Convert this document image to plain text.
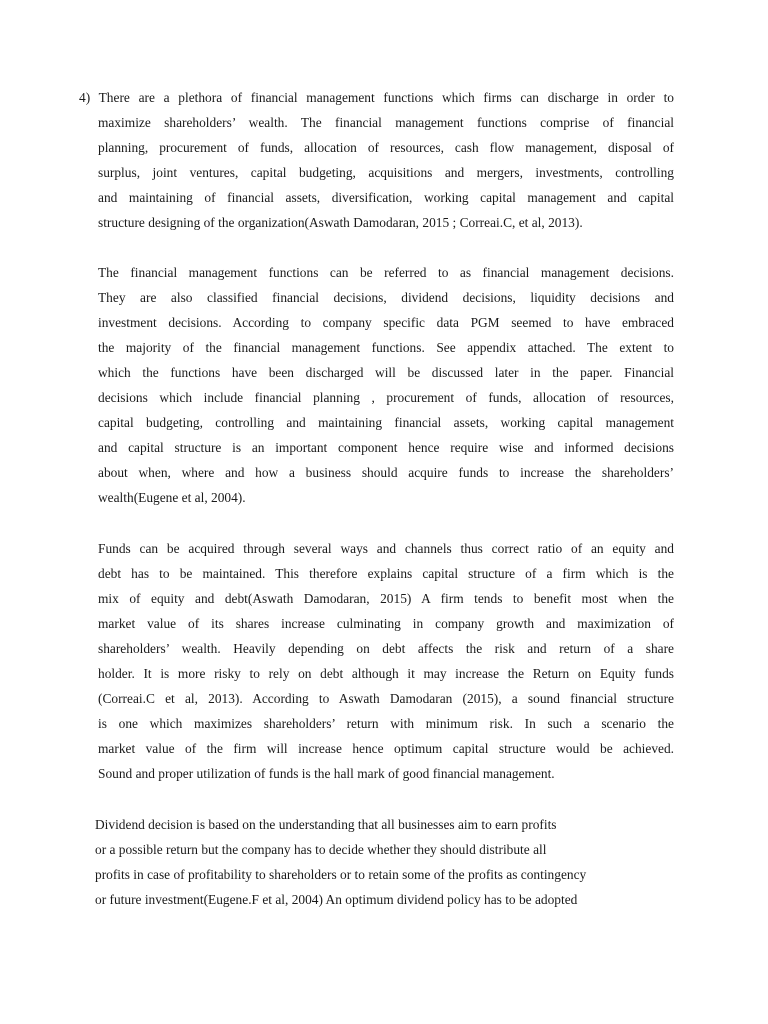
4) There are a plethora of financial management functions which firms can discharge in order to

maximize shareholders’ wealth. The financial management functions comprise of financial

planning, procurement of funds, allocation of resources, cash flow management, disposal of

surplus, joint ventures, capital budgeting, acquisitions and mergers, investments, controlling

and maintaining of financial assets, diversification, working capital management and capital

structure designing of the organization(Aswath Damodaran, 2015 ; Correai.C, et al, 2013).

The financial management functions can be referred to as financial management decisions.

They are also classified financial decisions, dividend decisions, liquidity decisions and

investment decisions. According to company specific data PGM seemed to have embraced

the majority of the financial management functions. See appendix attached. The extent to

which the functions have been discharged will be discussed later in the paper. Financial

decisions which include financial planning , procurement of funds, allocation of resources,

capital budgeting, controlling and maintaining financial assets, working capital management

and capital structure is an important component hence require wise and informed decisions

about when, where and how a business should acquire funds to increase the shareholders’

wealth(Eugene et al, 2004).

Funds can be acquired through several ways and channels thus correct ratio of an equity and

debt has to be maintained. This therefore explains capital structure of a firm which is the

mix of equity and debt(Aswath Damodaran, 2015) A firm tends to benefit most when the

market value of its shares increase culminating in company growth and maximization of

shareholders’ wealth. Heavily depending on debt affects the risk and return of a share

holder. It is more risky to rely on debt although it may increase the Return on Equity funds

(Correai.C et al, 2013). According to Aswath Damodaran (2015), a sound financial structure

is one which maximizes shareholders’ return with minimum risk. In such a scenario the

market value of the firm will increase hence optimum capital structure would be achieved.

Sound and proper utilization of funds is the hall mark of good financial management.

Dividend decision is based on the understanding that all businesses aim to earn profits

or a possible return but the company has to decide whether they should distribute all

profits in case of profitability to shareholders or to retain some of the profits as contingency

or future investment(Eugene.F et al, 2004) An optimum dividend policy has to be adopted
